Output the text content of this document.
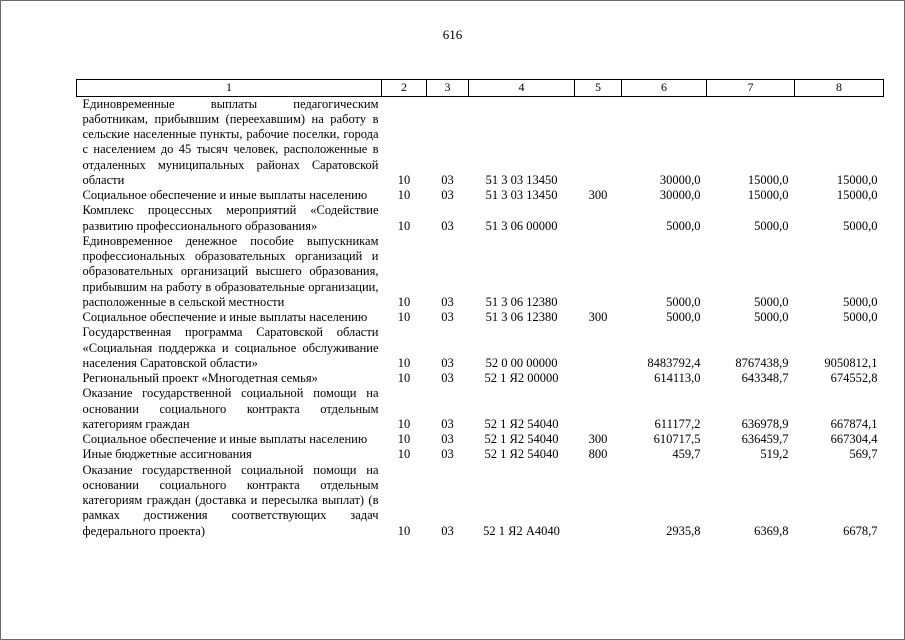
616
1	2	3	4	5	6	7	8
Единовременные выплаты педагогическим работникам, прибывшим (переехавшим) на работу в сельские населенные пункты, рабочие поселки, города с населением до 45 тысяч человек, расположенные в отдаленных муниципальных районах Саратовской области	10	03	51 3 03 13450		30000,0	15000,0	15000,0
Социальное обеспечение и иные выплаты населению	10	03	51 3 03 13450	300	30000,0	15000,0	15000,0
Комплекс процессных мероприятий «Содействие развитию профессионального образования»	10	03	51 3 06 00000		5000,0	5000,0	5000,0
Единовременное денежное пособие выпускникам профессиональных образовательных организаций и образовательных организаций высшего образования, прибывшим на работу в образовательные организации, расположенные в сельской местности	10	03	51 3 06 12380		5000,0	5000,0	5000,0
Социальное обеспечение и иные выплаты населению	10	03	51 3 06 12380	300	5000,0	5000,0	5000,0
Государственная программа Саратовской области «Социальная поддержка и социальное обслуживание населения Саратовской области»	10	03	52 0 00 00000		8483792,4	8767438,9	9050812,1
Региональный проект «Многодетная семья»	10	03	52 1 Я2 00000		614113,0	643348,7	674552,8
Оказание государственной социальной помощи на основании социального контракта отдельным категориям граждан	10	03	52 1 Я2 54040		611177,2	636978,9	667874,1
Социальное обеспечение и иные выплаты населению	10	03	52 1 Я2 54040	300	610717,5	636459,7	667304,4
Иные бюджетные ассигнования	10	03	52 1 Я2 54040	800	459,7	519,2	569,7
Оказание государственной социальной помощи на основании социального контракта отдельным категориям граждан (доставка и пересылка выплат) (в рамках достижения соответствующих задач федерального проекта)	10	03	52 1 Я2 А4040		2935,8	6369,8	6678,7
